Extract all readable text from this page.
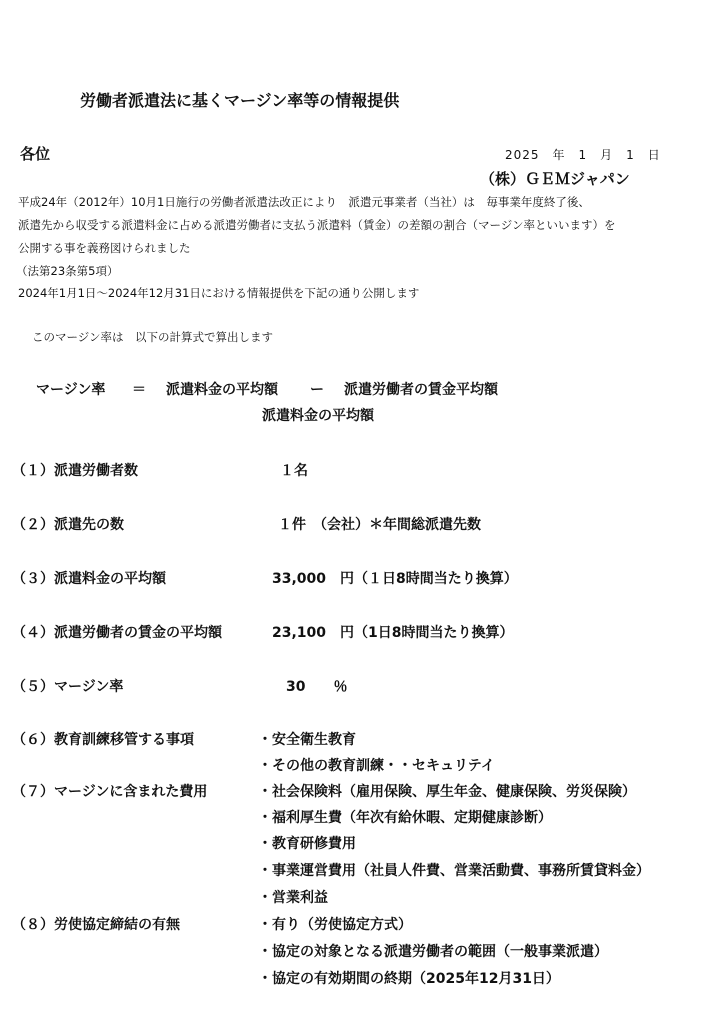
労働者派遣法に基くマージン率等の情報提供
各位	2025　年　1　月　1　日
（株）ＧＥＭジャパン
平成24年（2012年）10月1日施行の労働者派遣法改正により　派遣元事業者（当社）は　毎事業年度終了後、
派遣先から収受する派遣料金に占める派遣労働者に支払う派遣料（賃金）の差額の割合（マージン率といいます）を
公開する事を義務図けられました
（法第23条第5項）
2024年1月1日～2024年12月31日における情報提供を下記の通り公開します
このマージン率は　以下の計算式で算出します
マージン率 ＝ 派遣料金の平均額 ー 派遣労働者の賃金平均額
派遣料金の平均額
（１）派遣労働者数	１名
（２）派遣先の数	１件　（会社）＊年間総派遣先数
（３）派遣料金の平均額	33,000　円（１日8時間当たり換算）
（４）派遣労働者の賃金の平均額	23,100　円（1日8時間当たり換算）
（５）マージン率	30　　％
（６）教育訓練移管する事項	・安全衛生教育
・その他の教育訓練・・セキュリテイ
（７）マージンに含まれた費用	・社会保険料（雇用保険、厚生年金、健康保険、労災保険）
・福利厚生費（年次有給休暇、定期健康診断）
・教育研修費用
・事業運営費用（社員人件費、営業活動費、事務所賃貸料金）
・営業利益
（８）労使協定締結の有無	・有り（労使協定方式）
・協定の対象となる派遣労働者の範囲（一般事業派遣）
・協定の有効期間の終期（2025年12月31日）
